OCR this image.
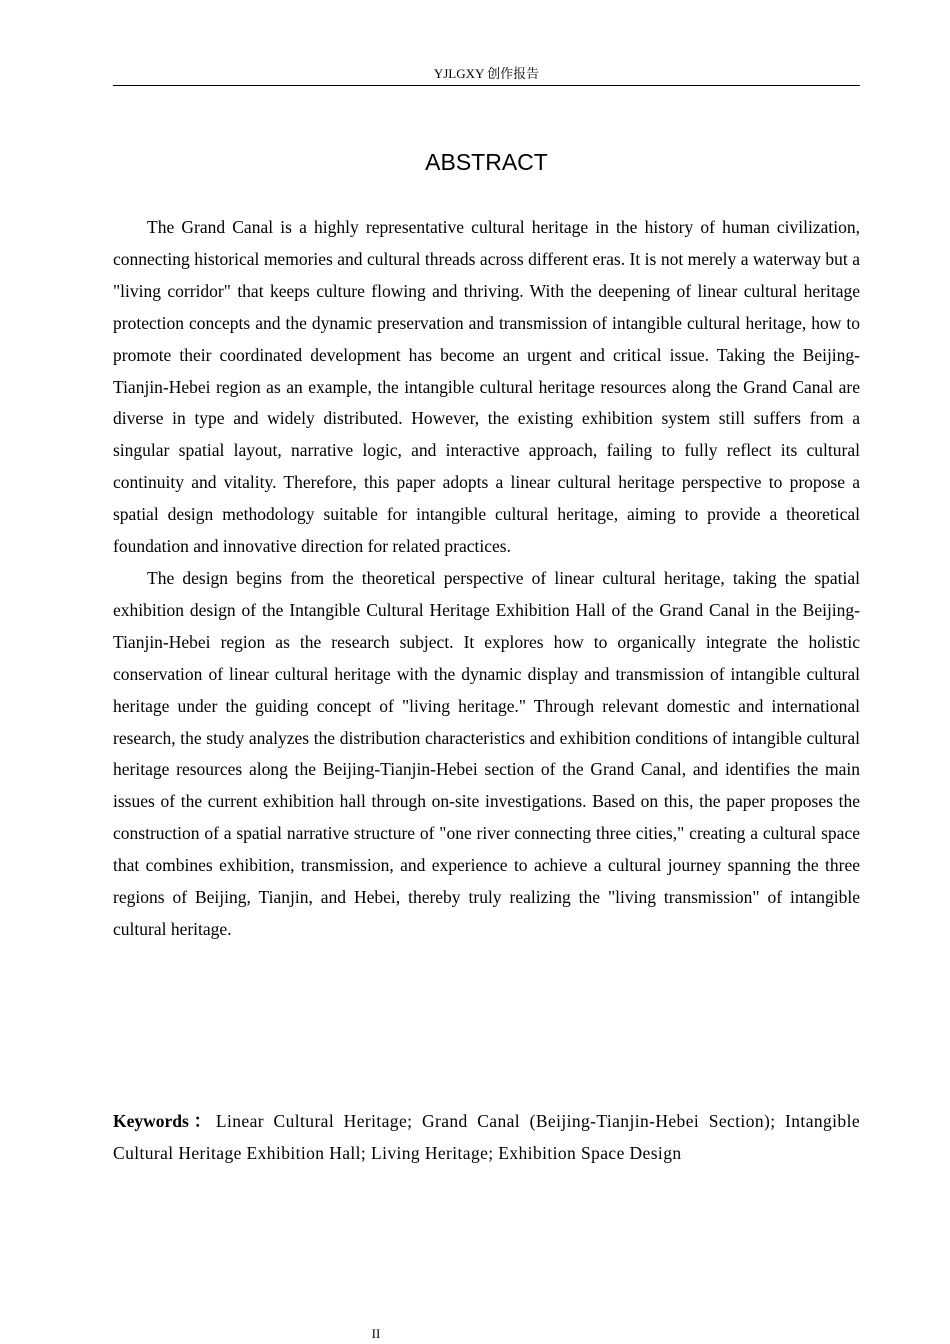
YJLGXY 创作报告
ABSTRACT

The Grand Canal is a highly representative cultural heritage in the history of human civilization, connecting historical memories and cultural threads across different eras. It is not merely a waterway but a "living corridor" that keeps culture flowing and thriving. With the deepening of linear cultural heritage protection concepts and the dynamic preservation and transmission of intangible cultural heritage, how to promote their coordinated development has become an urgent and critical issue. Taking the Beijing-Tianjin-Hebei region as an example, the intangible cultural heritage resources along the Grand Canal are diverse in type and widely distributed. However, the existing exhibition system still suffers from a singular spatial layout, narrative logic, and interactive approach, failing to fully reflect its cultural continuity and vitality. Therefore, this paper adopts a linear cultural heritage perspective to propose a spatial design methodology suitable for intangible cultural heritage, aiming to provide a theoretical foundation and innovative direction for related practices.

The design begins from the theoretical perspective of linear cultural heritage, taking the spatial exhibition design of the Intangible Cultural Heritage Exhibition Hall of the Grand Canal in the Beijing-Tianjin-Hebei region as the research subject. It explores how to organically integrate the holistic conservation of linear cultural heritage with the dynamic display and transmission of intangible cultural heritage under the guiding concept of "living heritage." Through relevant domestic and international research, the study analyzes the distribution characteristics and exhibition conditions of intangible cultural heritage resources along the Beijing-Tianjin-Hebei section of the Grand Canal, and identifies the main issues of the current exhibition hall through on-site investigations. Based on this, the paper proposes the construction of a spatial narrative structure of "one river connecting three cities," creating a cultural space that combines exhibition, transmission, and experience to achieve a cultural journey spanning the three regions of Beijing, Tianjin, and Hebei, thereby truly realizing the "living transmission" of intangible cultural heritage.

Keywords：Linear Cultural Heritage; Grand Canal (Beijing-Tianjin-Hebei Section); Intangible Cultural Heritage Exhibition Hall; Living Heritage; Exhibition Space Design

II
